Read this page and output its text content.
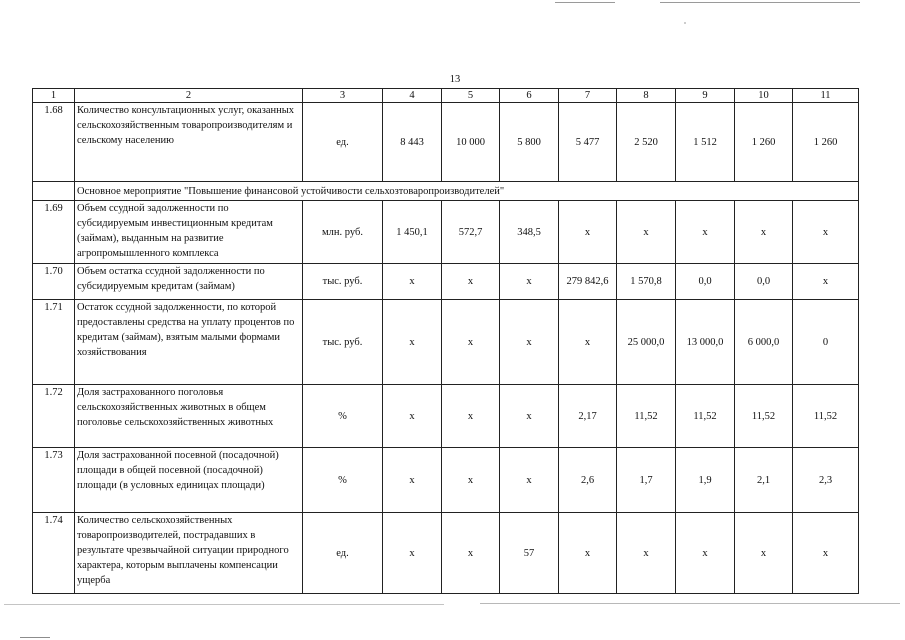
13
1	2	3	4	5	6	7	8	9	10	11
1.68	Количество консультационных услуг, оказанных сельскохозяйственным товаропроизводителям и сельскому населению	ед.	8 443	10 000	5 800	5 477	2 520	1 512	1 260	1 260
	Основное мероприятие "Повышение финансовой устойчивости сельхозтоваропроизводителей"									
1.69	Объем ссудной задолженности по субсидируемым инвестиционным кредитам (займам), выданным на развитие агропромышленного комплекса	млн. руб.	1 450,1	572,7	348,5	х	х	х	х	х
1.70	Объем остатка ссудной задолженности по субсидируемым кредитам (займам)	тыс. руб.	х	х	х	279 842,6	1 570,8	0,0	0,0	х
1.71	Остаток ссудной задолженности, по которой предоставлены средства на уплату процентов по кредитам (займам), взятым малыми формами хозяйствования	тыс. руб.	х	х	х	х	25 000,0	13 000,0	6 000,0	0
1.72	Доля застрахованного поголовья сельскохозяйственных животных в общем поголовье сельскохозяйственных животных	%	х	х	х	2,17	11,52	11,52	11,52	11,52
1.73	Доля застрахованной посевной (посадочной) площади в общей посевной (посадочной) площади (в условных единицах площади)	%	х	х	х	2,6	1,7	1,9	2,1	2,3
1.74	Количество сельскохозяйственных товаропроизводителей, пострадавших в результате чрезвычайной ситуации природного характера, которым выплачены компенсации ущерба	ед.	х	х	57	х	х	х	х	х
